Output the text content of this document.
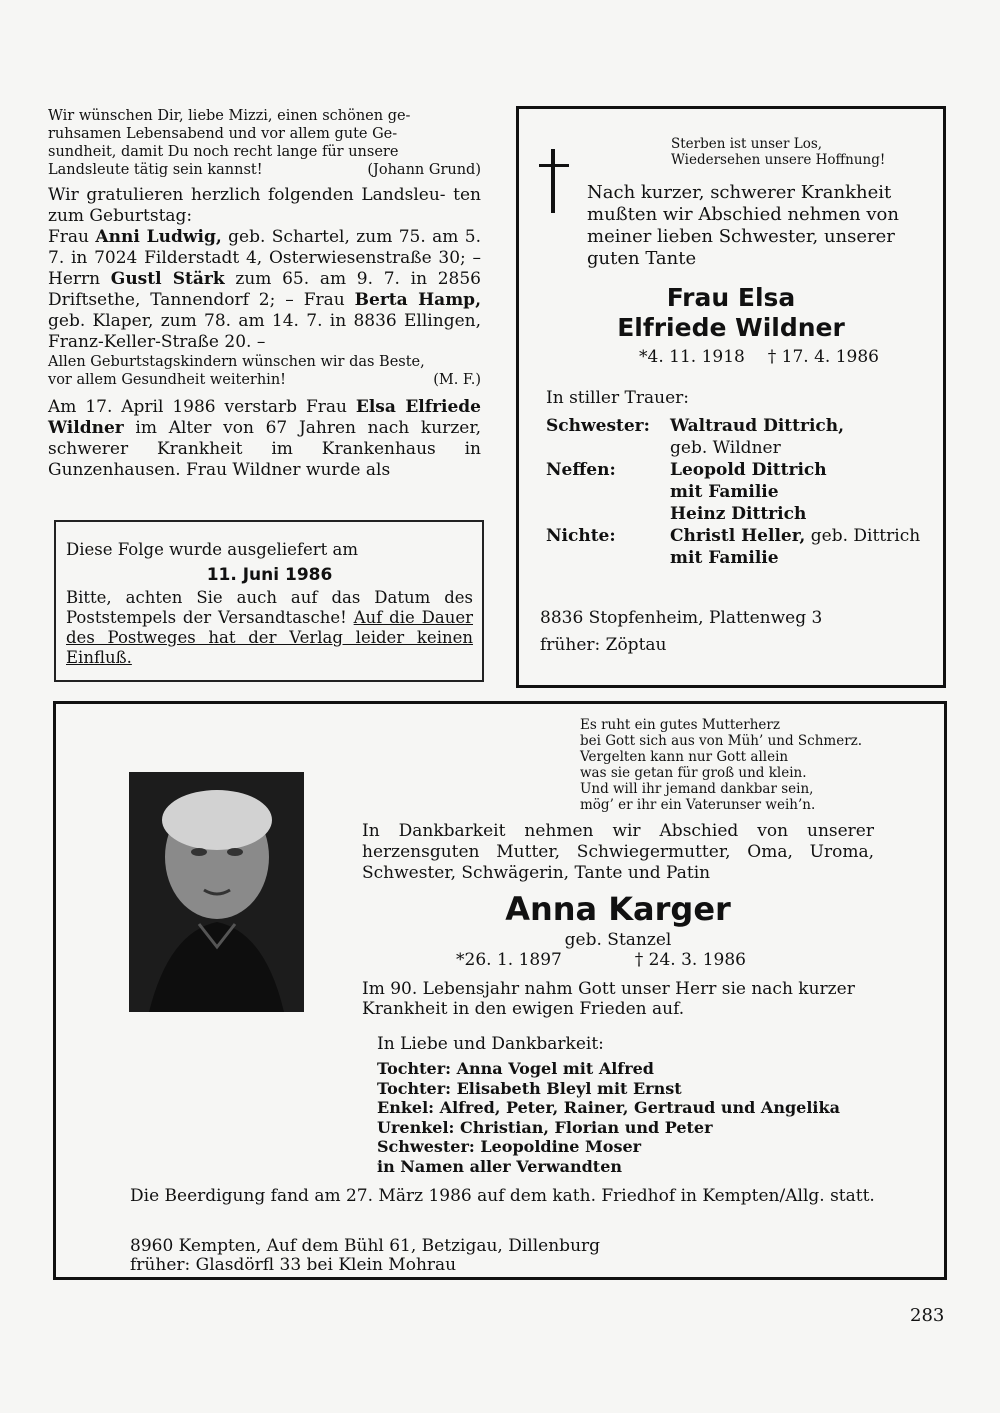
Wir wünschen Dir, liebe Mizzi, einen schönen ge-
ruhsamen Lebensabend und vor allem gute Ge-
sundheit, damit Du noch recht lange für unsere
Landsleute tätig sein kannst!	(Johann Grund)

Wir gratulieren herzlich folgenden Landsleu- ten zum Geburtstag:

Frau Anni Ludwig, geb. Schartel, zum 75. am 5. 7. in 7024 Filderstadt 4, Osterwiesenstraße 30; – Herrn Gustl Stärk zum 65. am 9. 7. in 2856 Driftsethe, Tannendorf 2; – Frau Berta Hamp, geb. Klaper, zum 78. am 14. 7. in 8836 Ellingen, Franz-Keller-Straße 20. –

Allen Geburtstagskindern wünschen wir das Beste,
vor allem Gesundheit weiterhin!	(M. F.)

Am 17. April 1986 verstarb Frau Elsa Elfriede Wildner im Alter von 67 Jahren nach kurzer, schwerer Krankheit im Krankenhaus in Gunzenhausen. Frau Wildner wurde als

Diese Folge wurde ausgeliefert am

11. Juni 1986

Bitte, achten Sie auch auf das Datum des Poststempels der Versandtasche! Auf die Dauer des Postweges hat der Verlag leider keinen Einfluß.

Sterben ist unser Los,
Wiedersehen unsere Hoffnung!

Nach kurzer, schwerer Krankheit mußten wir Abschied nehmen von meiner lieben Schwester, unserer guten Tante

Frau Elsa
Elfriede Wildner
*4. 11. 1918 † 17. 4. 1986

In stiller Trauer:

Schwester:	Waltraud Dittrich,
geb. Wildner
Neffen:	Leopold Dittrich
mit Familie
Heinz Dittrich
Nichte:	Christl Heller, geb. Dittrich
mit Familie

8836 Stopfenheim, Plattenweg 3

früher: Zöptau

Es ruht ein gutes Mutterherz
bei Gott sich aus von Müh’ und Schmerz.
Vergelten kann nur Gott allein
was sie getan für groß und klein.
Und will ihr jemand dankbar sein,
mög’ er ihr ein Vaterunser weih’n.

In Dankbarkeit nehmen wir Abschied von unserer herzensguten Mutter, Schwiegermutter, Oma, Uroma, Schwester, Schwägerin, Tante und Patin

Anna Karger

geb. Stanzel

*26. 1. 1897	† 24. 3. 1986

Im 90. Lebensjahr nahm Gott unser Herr sie nach kurzer Krankheit in den ewigen Frieden auf.

In Liebe und Dankbarkeit:

Tochter: Anna Vogel mit Alfred
Tochter: Elisabeth Bleyl mit Ernst
Enkel: Alfred, Peter, Rainer, Gertraud und Angelika
Urenkel: Christian, Florian und Peter
Schwester: Leopoldine Moser
in Namen aller Verwandten

Die Beerdigung fand am 27. März 1986 auf dem kath. Friedhof in Kempten/Allg. statt.

8960 Kempten, Auf dem Bühl 61, Betzigau, Dillenburg

früher: Glasdörfl 33 bei Klein Mohrau

283
